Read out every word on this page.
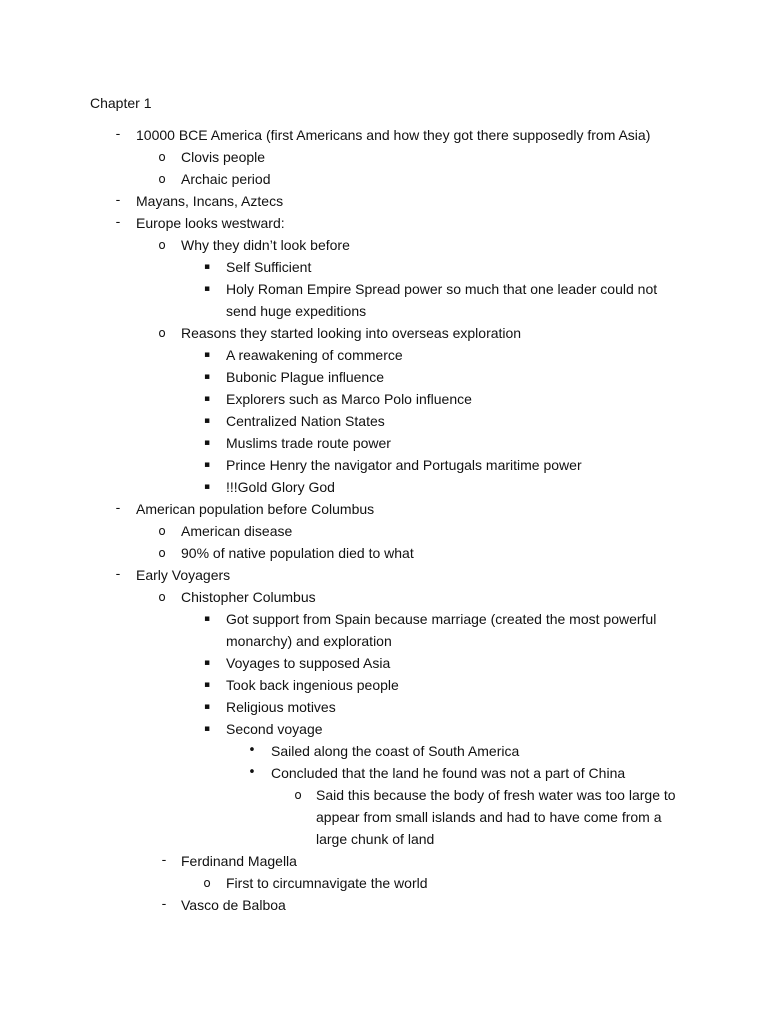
Chapter 1
-	10000 BCE America (first Americans and how they got there supposedly from Asia)
o Clovis people
o Archaic period
-	Mayans, Incans, Aztecs
-	Europe looks westward:
o Why they didn’t look before
▪ Self Sufficient
▪ Holy Roman Empire Spread power so much that one leader could not send huge expeditions
o Reasons they started looking into overseas exploration
▪ A reawakening of commerce
▪ Bubonic Plague influence
▪ Explorers such as Marco Polo influence
▪ Centralized Nation States
▪ Muslims trade route power
▪ Prince Henry the navigator and Portugals maritime power
▪ !!!Gold Glory God
-	American population before Columbus
o American disease
o 90% of native population died to what
-	Early Voyagers
o Chistopher Columbus
▪ Got support from Spain because marriage (created the most powerful monarchy) and exploration
▪ Voyages to supposed Asia
▪ Took back ingenious people
▪ Religious motives
▪ Second voyage
• Sailed along the coast of South America
• Concluded that the land he found was not a part of China
o Said this because the body of fresh water was too large to appear from small islands and had to have come from a large chunk of land
-	Ferdinand Magella
o First to circumnavigate the world
-	Vasco de Balboa
